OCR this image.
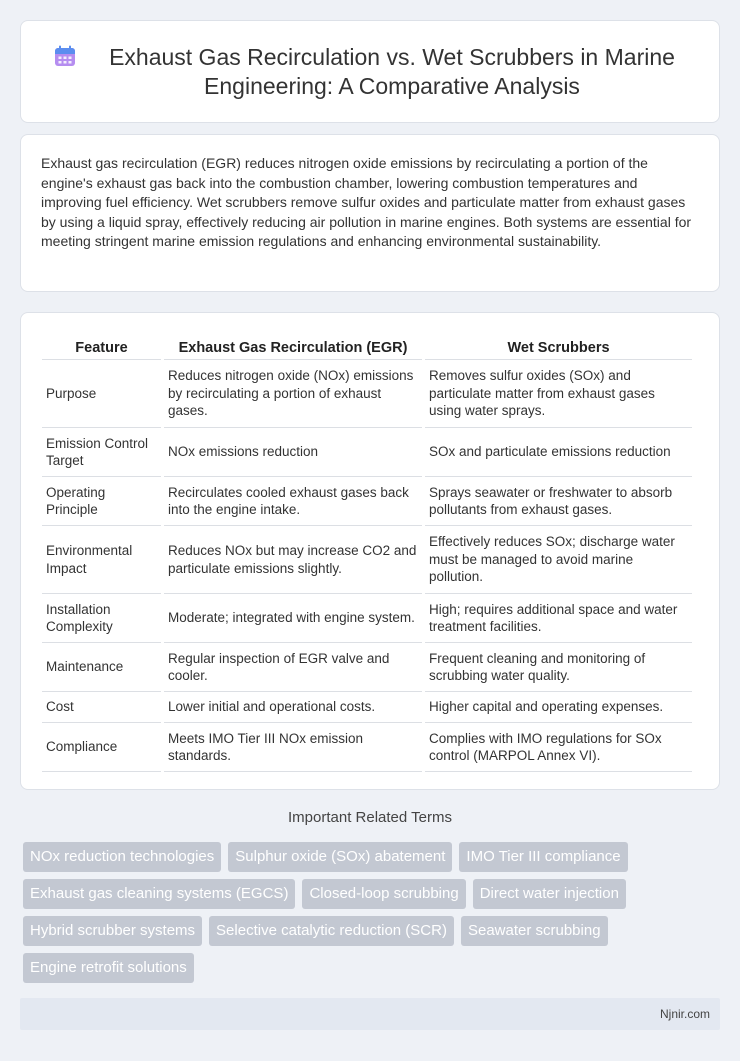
Exhaust Gas Recirculation vs. Wet Scrubbers in Marine Engineering: A Comparative Analysis

Exhaust gas recirculation (EGR) reduces nitrogen oxide emissions by recirculating a portion of the engine's exhaust gas back into the combustion chamber, lowering combustion temperatures and improving fuel efficiency. Wet scrubbers remove sulfur oxides and particulate matter from exhaust gases by using a liquid spray, effectively reducing air pollution in marine engines. Both systems are essential for meeting stringent marine emission regulations and enhancing environmental sustainability.

Feature	Exhaust Gas Recirculation (EGR)	Wet Scrubbers
Purpose	Reduces nitrogen oxide (NOx) emissions by recirculating a portion of exhaust gases.	Removes sulfur oxides (SOx) and particulate matter from exhaust gases using water sprays.
Emission Control Target	NOx emissions reduction	SOx and particulate emissions reduction
Operating Principle	Recirculates cooled exhaust gases back into the engine intake.	Sprays seawater or freshwater to absorb pollutants from exhaust gases.
Environmental Impact	Reduces NOx but may increase CO2 and particulate emissions slightly.	Effectively reduces SOx; discharge water must be managed to avoid marine pollution.
Installation Complexity	Moderate; integrated with engine system.	High; requires additional space and water treatment facilities.
Maintenance	Regular inspection of EGR valve and cooler.	Frequent cleaning and monitoring of scrubbing water quality.
Cost	Lower initial and operational costs.	Higher capital and operating expenses.
Compliance	Meets IMO Tier III NOx emission standards.	Complies with IMO regulations for SOx control (MARPOL Annex VI).
Important Related Terms
NOx reduction technologies	Sulphur oxide (SOx) abatement	IMO Tier III compliance
Exhaust gas cleaning systems (EGCS)	Closed-loop scrubbing	Direct water injection
Hybrid scrubber systems	Selective catalytic reduction (SCR)	Seawater scrubbing
Engine retrofit solutions
Njnir.com
